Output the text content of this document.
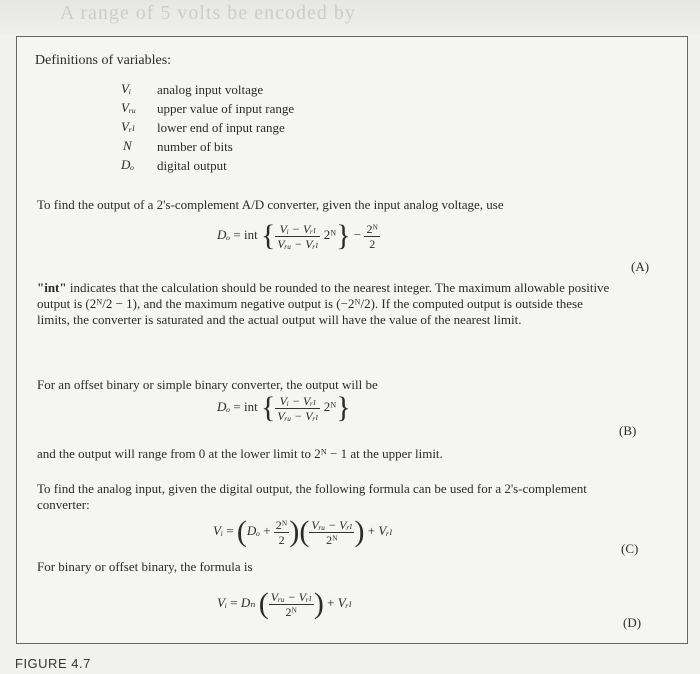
A range of 5 volts be encoded by
Definitions of variables:
Vᵢ analog input voltage
Vᵣᵤ upper value of input range
Vᵣₗ lower end of input range
N number of bits
Dₒ digital output
To find the output of a 2's-complement A/D converter, given the input analog voltage, use
Dₒ = int { $\frac{\text{Vᵢ − Vᵣₗ}}{\text{Vᵣᵤ − Vᵣₗ}}$ 2ᴺ} − $\frac{\text{2ᴺ}}{2}$
(A)
"int" indicates that the calculation should be rounded to the nearest integer. The maximum allowable positive output is (2ᴺ/2 − 1), and the maximum negative output is (−2ᴺ/2). If the computed output is outside these limits, the converter is saturated and the actual output will have the value of the nearest limit.
For an offset binary or simple binary converter, the output will be
Dₒ = int { $\frac{\text{Vᵢ − Vᵣₗ}}{\text{Vᵣᵤ − Vᵣₗ}}$ 2ᴺ}
(B)
and the output will range from 0 at the lower limit to 2ᴺ − 1 at the upper limit.
To find the analog input, given the digital output, the following formula can be used for a 2's-complement converter:
Vᵢ = ($D_o + \frac{\text{2ᴺ}}{2}$ )( $\frac{\text{Vᵣᵤ − Vᵣₗ}}{\text{2ᴺ}}$ ) + Vᵣₗ
(C)
For binary or offset binary, the formula is
Vᵢ = Dₙ ( $\frac{\text{Vᵣᵤ − Vᵣₗ}}{\text{2ᴺ}}$ ) + Vᵣₗ
(D)
FIGURE 4.7
